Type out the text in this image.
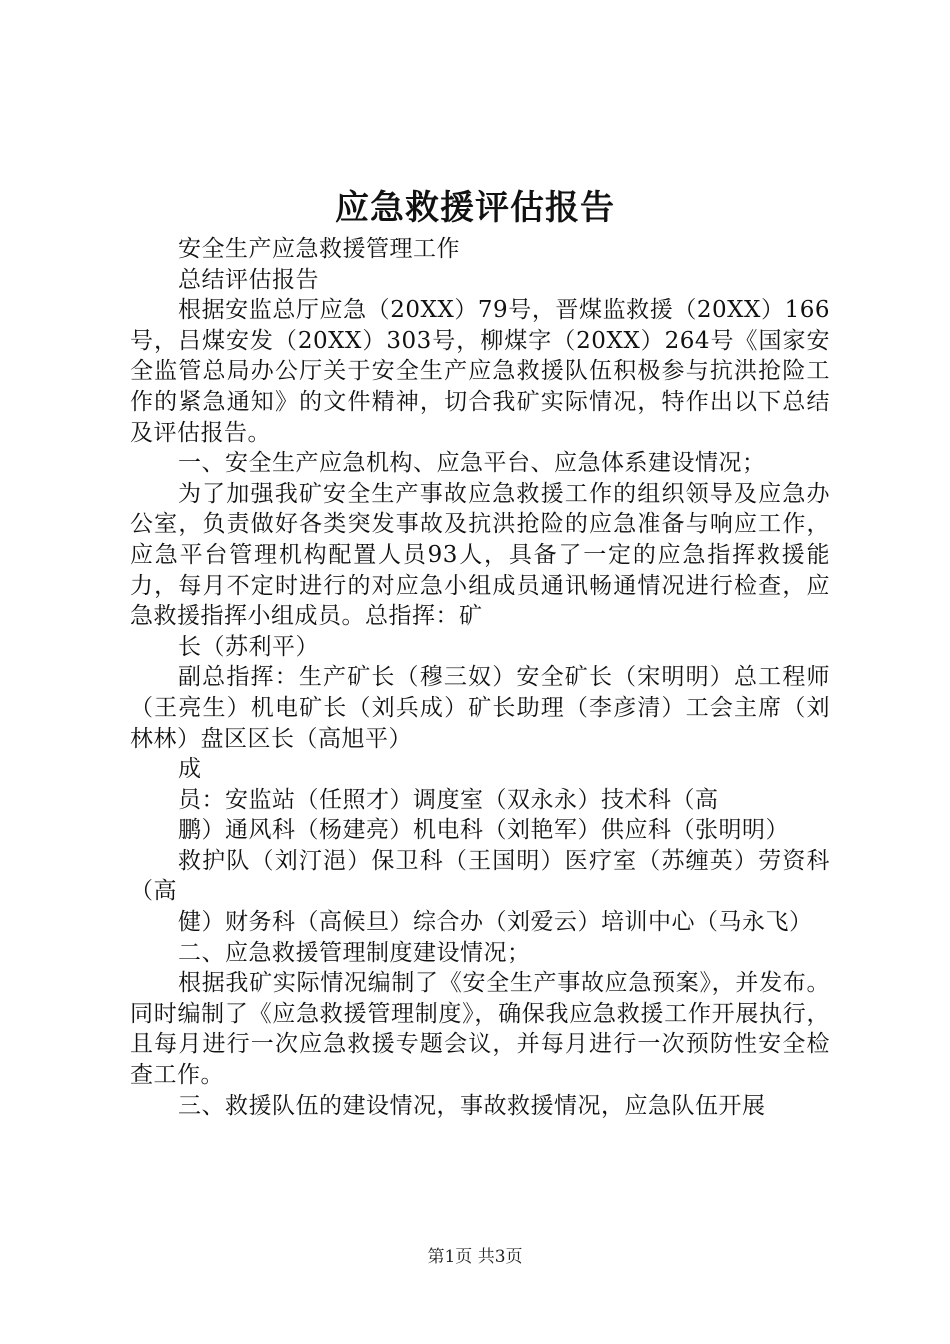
应急救援评估报告

安全生产应急救援管理工作

总结评估报告

根据安监总厅应急（20XX）79号，晋煤监救援（20XX）166号，吕煤安发（20XX）303号，柳煤字（20XX）264号《国家安全监管总局办公厅关于安全生产应急救援队伍积极参与抗洪抢险工作的紧急通知》的文件精神，切合我矿实际情况，特作出以下总结及评估报告。

一、安全生产应急机构、应急平台、应急体系建设情况；

为了加强我矿安全生产事故应急救援工作的组织领导及应急办公室，负责做好各类突发事故及抗洪抢险的应急准备与响应工作，应急平台管理机构配置人员93人，具备了一定的应急指挥救援能力，每月不定时进行的对应急小组成员通讯畅通情况进行检查，应急救援指挥小组成员。总指挥：矿

长（苏利平）

副总指挥：生产矿长（穆三奴）安全矿长（宋明明）总工程师（王亮生）机电矿长（刘兵成）矿长助理（李彦清）工会主席（刘林林）盘区区长（高旭平）

成

员：安监站（任照才）调度室（双永永）技术科（高

鹏）通风科（杨建亮）机电科（刘艳军）供应科（张明明）

救护队（刘汀浥）保卫科（王国明）医疗室（苏缠英）劳资科（高

健）财务科（高候旦）综合办（刘爱云）培训中心（马永飞）

二、应急救援管理制度建设情况；

根据我矿实际情况编制了《安全生产事故应急预案》，并发布。同时编制了《应急救援管理制度》，确保我应急救援工作开展执行，且每月进行一次应急救援专题会议，并每月进行一次预防性安全检查工作。

三、救援队伍的建设情况，事故救援情况，应急队伍开展

第1页 共3页
